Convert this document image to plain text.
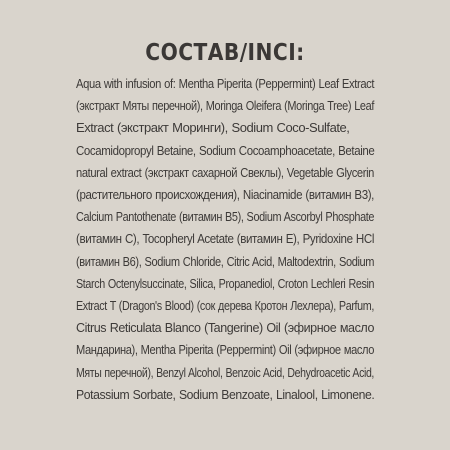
СОСТАВ/INCI:
Aqua with infusion of: Mentha Piperita (Peppermint) Leaf Extract
(экстракт Мяты перечной), Moringa Oleifera (Moringa Tree) Leaf
Extract (экстракт Моринги), Sodium Coco-Sulfate,
Cocamidopropyl Betaine, Sodium Cocoamphoacetate, Betaine
natural extract (экстракт сахарной Свеклы), Vegetable Glycerin
(растительного происхождения), Niacinamide (витамин B3),
Calcium Pantothenate (витамин B5), Sodium Ascorbyl Phosphate
(витамин C), Tocopheryl Acetate (витамин E), Pyridoxine HCl
(витамин B6), Sodium Chloride, Citric Acid, Maltodextrin, Sodium
Starch Octenylsuccinate, Silica, Propanediol, Croton Lechleri Resin
Extract T (Dragon's Blood) (сок дерева Кротон Лехлера), Parfum,
Citrus Reticulata Blanco (Tangerine) Oil (эфирное масло
Мандарина), Mentha Piperita (Peppermint) Oil (эфирное масло
Мяты перечной), Benzyl Alcohol, Benzoic Acid, Dehydroacetic Acid,
Potassium Sorbate, Sodium Benzoate, Linalool, Limonene.
